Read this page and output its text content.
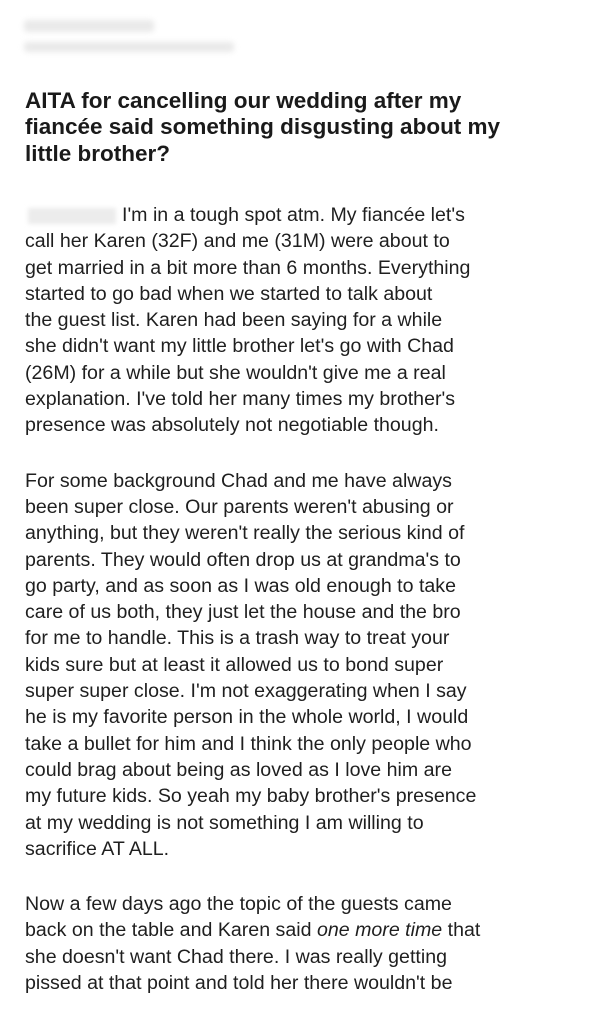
AITA for cancelling our wedding after my
fiancée said something disgusting about my
little brother?

I'm in a tough spot atm. My fiancée let's
call her Karen (32F) and me (31M) were about to
get married in a bit more than 6 months. Everything
started to go bad when we started to talk about
the guest list. Karen had been saying for a while
she didn't want my little brother let's go with Chad
(26M) for a while but she wouldn't give me a real
explanation. I've told her many times my brother's
presence was absolutely not negotiable though.

For some background Chad and me have always
been super close. Our parents weren't abusing or
anything, but they weren't really the serious kind of
parents. They would often drop us at grandma's to
go party, and as soon as I was old enough to take
care of us both, they just let the house and the bro
for me to handle. This is a trash way to treat your
kids sure but at least it allowed us to bond super
super super close. I'm not exaggerating when I say
he is my favorite person in the whole world, I would
take a bullet for him and I think the only people who
could brag about being as loved as I love him are
my future kids. So yeah my baby brother's presence
at my wedding is not something I am willing to
sacrifice AT ALL.

Now a few days ago the topic of the guests came
back on the table and Karen said one more time that
she doesn't want Chad there. I was really getting
pissed at that point and told her there wouldn't be
